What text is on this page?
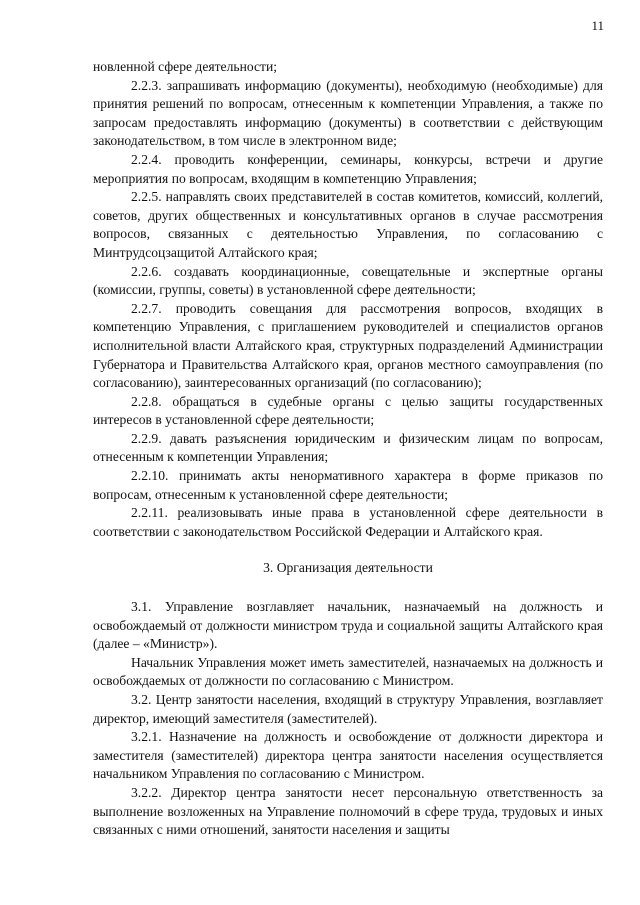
11

новленной сфере деятельности;

2.2.3. запрашивать информацию (документы), необходимую (необходимые) для принятия решений по вопросам, отнесенным к компетенции Управления, а также по запросам предоставлять информацию (документы) в соответствии с действующим законодательством, в том числе в электронном виде;

2.2.4. проводить конференции, семинары, конкурсы, встречи и другие мероприятия по вопросам, входящим в компетенцию Управления;

2.2.5. направлять своих представителей в состав комитетов, комиссий, коллегий, советов, других общественных и консультативных органов в случае рассмотрения вопросов, связанных с деятельностью Управления, по согласованию с Минтрудсоцзащитой Алтайского края;

2.2.6. создавать координационные, совещательные и экспертные органы (комиссии, группы, советы) в установленной сфере деятельности;

2.2.7. проводить совещания для рассмотрения вопросов, входящих в компетенцию Управления, с приглашением руководителей и специалистов органов исполнительной власти Алтайского края, структурных подразделений Администрации Губернатора и Правительства Алтайского края, органов местного самоуправления (по согласованию), заинтересованных организаций (по согласованию);

2.2.8. обращаться в судебные органы с целью защиты государственных интересов в установленной сфере деятельности;

2.2.9. давать разъяснения юридическим и физическим лицам по вопросам, отнесенным к компетенции Управления;

2.2.10. принимать акты ненормативного характера в форме приказов по вопросам, отнесенным к установленной сфере деятельности;

2.2.11. реализовывать иные права в установленной сфере деятельности в соответствии с законодательством Российской Федерации и Алтайского края.

3. Организация деятельности

3.1. Управление возглавляет начальник, назначаемый на должность и освобождаемый от должности министром труда и социальной защиты Алтайского края (далее – «Министр»).

Начальник Управления может иметь заместителей, назначаемых на должность и освобождаемых от должности по согласованию с Министром.

3.2. Центр занятости населения, входящий в структуру Управления, возглавляет директор, имеющий заместителя (заместителей).

3.2.1. Назначение на должность и освобождение от должности директора и заместителя (заместителей) директора центра занятости населения осуществляется начальником Управления по согласованию с Министром.

3.2.2. Директор центра занятости несет персональную ответственность за выполнение возложенных на Управление полномочий в сфере труда, трудовых и иных связанных с ними отношений, занятости населения и защиты
